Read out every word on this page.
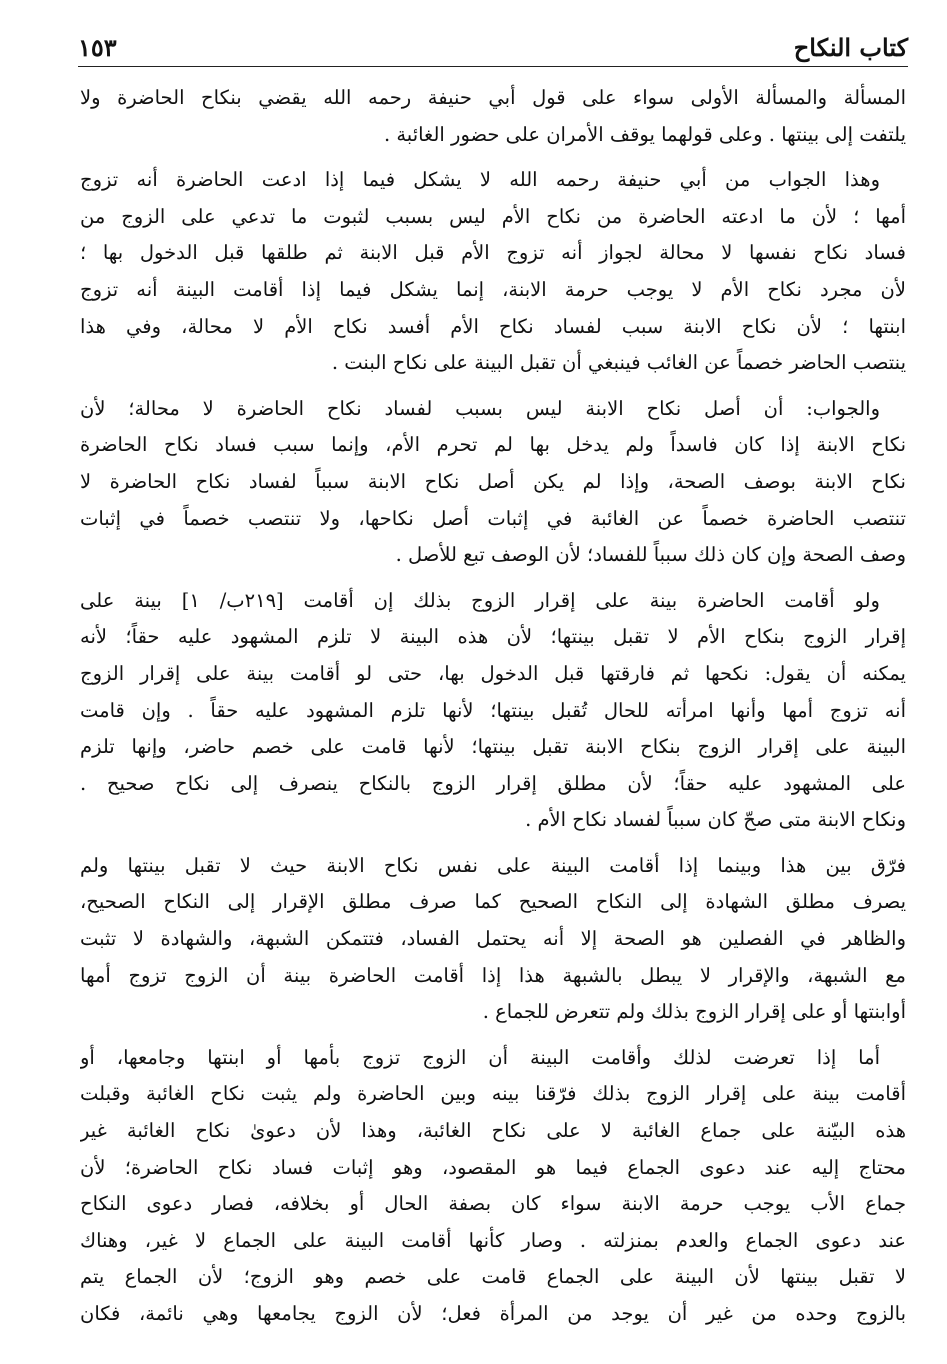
١٥٣	كتاب النكاح
المسألة والمسألة الأولى سواء على قول أبي حنيفة رحمه الله يقضي بنكاح الحاضرة ولا
يلتفت إلى بينتها . وعلى قولهما يوقف الأمران على حضور الغائبة .
وهذا الجواب من أبي حنيفة رحمه الله لا يشكل فيما إذا ادعت الحاضرة أنه تزوج
أمها ؛ لأن ما ادعته الحاضرة من نكاح الأم ليس بسبب لثبوت ما تدعي على الزوج من
فساد نكاح نفسها لا محالة لجواز أنه تزوج الأم قبل الابنة ثم طلقها قبل الدخول بها ؛
لأن مجرد نكاح الأم لا يوجب حرمة الابنة، إنما يشكل فيما إذا أقامت البينة أنه تزوج
ابنتها ؛ لأن نكاح الابنة سبب لفساد نكاح الأم أفسد نكاح الأم لا محالة، وفي هذا
ينتصب الحاضر خصماً عن الغائب فينبغي أن تقبل البينة على نكاح البنت .
والجواب: أن أصل نكاح الابنة ليس بسبب لفساد نكاح الحاضرة لا محالة؛ لأن
نكاح الابنة إذا كان فاسداً ولم يدخل بها لم تحرم الأم، وإنما سبب فساد نكاح الحاضرة
نكاح الابنة بوصف الصحة، وإذا لم يكن أصل نكاح الابنة سبباً لفساد نكاح الحاضرة لا
تنتصب الحاضرة خصماً عن الغائبة في إثبات أصل نكاحها، ولا تنتصب خصماً في إثبات
وصف الصحة وإن كان ذلك سبباً للفساد؛ لأن الوصف تبع للأصل .
ولو أقامت الحاضرة بينة على إقرار الزوج بذلك إن أقامت [٢١٩ب/ ١] بينة على
إقرار الزوج بنكاح الأم لا تقبل بينتها؛ لأن هذه البينة لا تلزم المشهود عليه حقاً؛ لأنه
يمكنه أن يقول: نكحها ثم فارقتها قبل الدخول بها، حتى لو أقامت بينة على إقرار الزوج
أنه تزوج أمها وأنها امرأته للحال تُقبل بينتها؛ لأنها تلزم المشهود عليه حقاً . وإن قامت
البينة على إقرار الزوج بنكاح الابنة تقبل بينتها؛ لأنها قامت على خصم حاضر، وإنها تلزم
على المشهود عليه حقاً؛ لأن مطلق إقرار الزوج بالنكاح ينصرف إلى نكاح صحيح .
ونكاح الابنة متى صحّ كان سبباً لفساد نكاح الأم .
فرّق بين هذا وبينما إذا أقامت البينة على نفس نكاح الابنة حيث لا تقبل بينتها ولم
يصرف مطلق الشهادة إلى النكاح الصحيح كما صرف مطلق الإقرار إلى النكاح الصحيح،
والظاهر في الفصلين هو الصحة إلا أنه يحتمل الفساد، فتتمكن الشبهة، والشهادة لا تثبت
مع الشبهة، والإقرار لا يبطل بالشبهة هذا إذا أقامت الحاضرة بينة أن الزوج تزوج أمها
أوابنتها أو على إقرار الزوج بذلك ولم تتعرض للجماع .
أما إذا تعرضت لذلك وأقامت البينة أن الزوج تزوج بأمها أو ابنتها وجامعها، أو
أقامت بينة على إقرار الزوج بذلك فرّقنا بينه وبين الحاضرة ولم يثبت نكاح الغائبة وقبلت
هذه البيّنة على جماع الغائبة لا على نكاح الغائبة، وهذا لأن دعوىٰ نكاح الغائبة غير
محتاج إليه عند دعوى الجماع فيما هو المقصود، وهو إثبات فساد نكاح الحاضرة؛ لأن
جماع الأب يوجب حرمة الابنة سواء كان بصفة الحال أو بخلافه، فصار دعوى النكاح
عند دعوى الجماع والعدم بمنزلته . وصار كأنها أقامت البينة على الجماع لا غير، وهناك
لا تقبل بينتها لأن البينة على الجماع قامت على خصم وهو الزوج؛ لأن الجماع يتم
بالزوج وحده من غير أن يوجد من المرأة فعل؛ لأن الزوج يجامعها وهي نائمة، فكان
